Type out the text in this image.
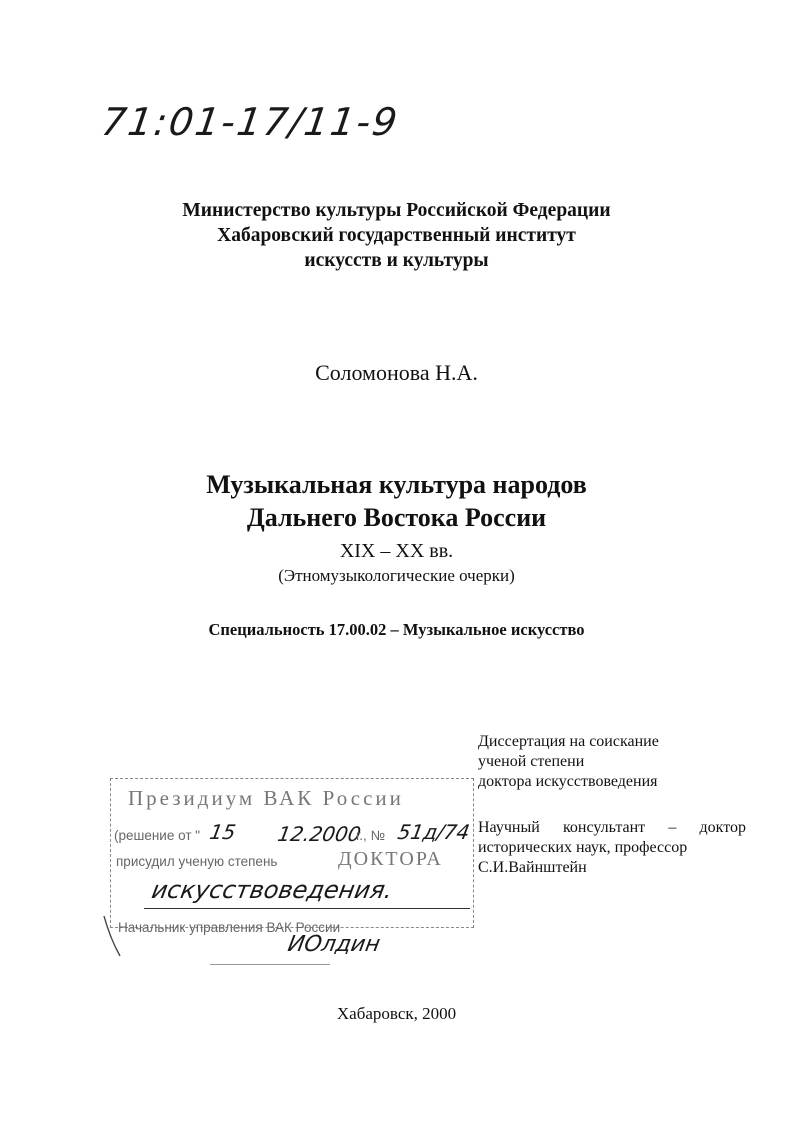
71:01-17/11-9
Министерство культуры Российской Федерации
Хабаровский государственный институт
искусств и культуры
Соломонова Н.А.
Музыкальная культура народов
Дальнего Востока России
XIX – XX вв.
(Этномузыкологические очерки)
Специальность 17.00.02 – Музыкальное искусство
Диссертация на соискание
ученой степени
доктора искусствоведения
Научный консультант – доктор
исторических наук, профессор
С.И.Вайнштейн
Президиум ВАК России
(решение от " 15 12.2000
г., № 51д/74
присудил ученую степень	ДОКТОРА
искусствоведения.
Начальник управления ВАК России
ИОлдин
Хабаровск, 2000
